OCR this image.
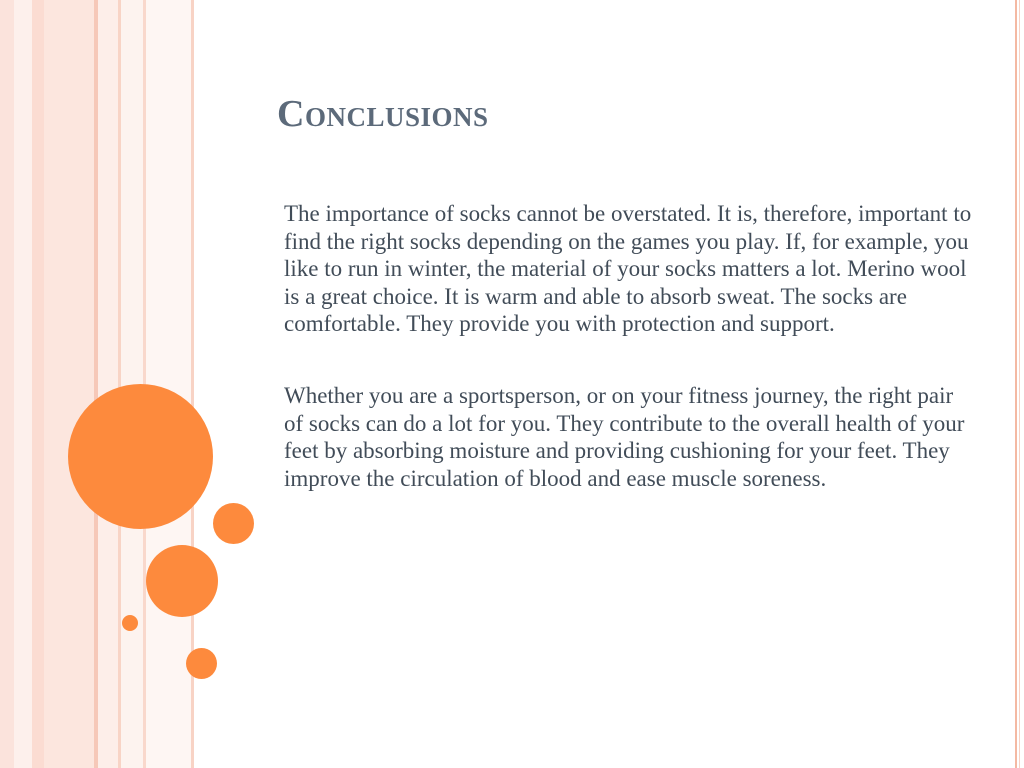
Conclusions

The importance of socks cannot be overstated. It is, therefore, important to find the right socks depending on the games you play. If, for example, you like to run in winter, the material of your socks matters a lot. Merino wool is a great choice. It is warm and able to absorb sweat. The socks are comfortable. They provide you with protection and support.

Whether you are a sportsperson, or on your fitness journey, the right pair of socks can do a lot for you. They contribute to the overall health of your feet by absorbing moisture and providing cushioning for your feet. They improve the circulation of blood and ease muscle soreness.
